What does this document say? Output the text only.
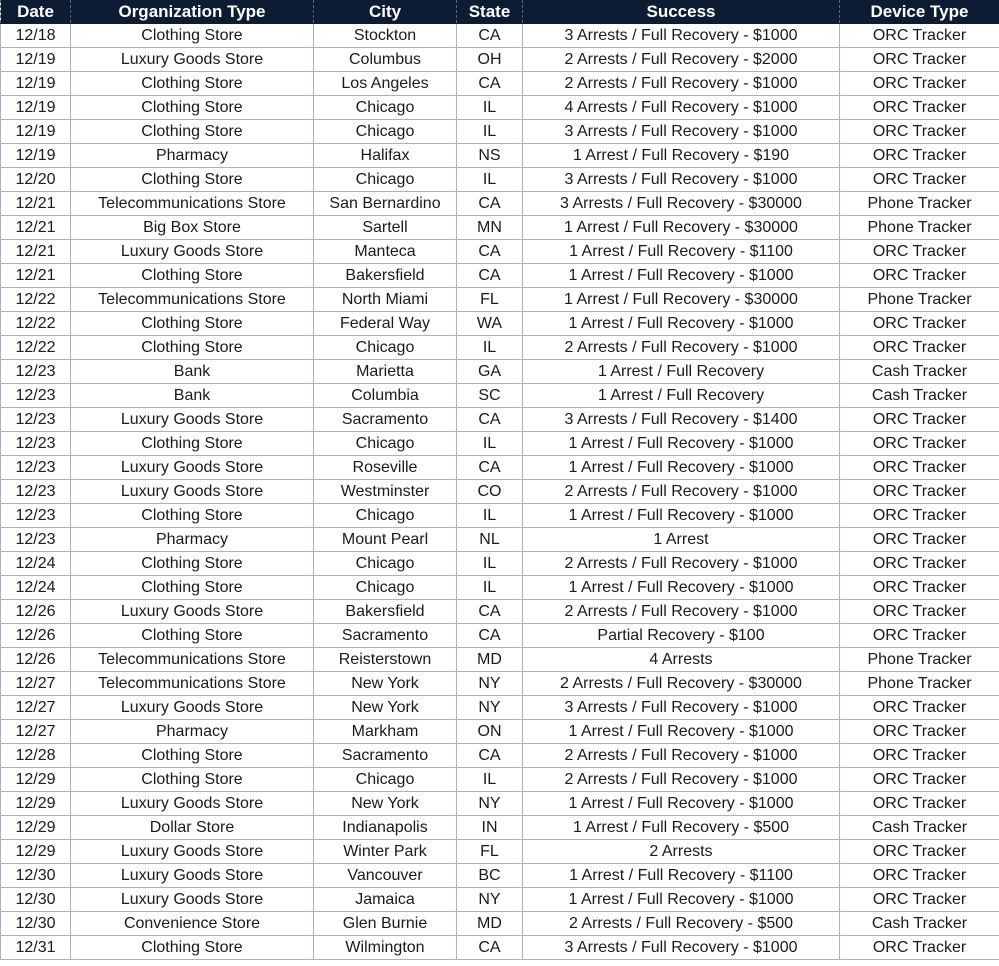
Date	Organization Type	City	State	Success	Device Type
12/18	Clothing Store	Stockton	CA	3 Arrests / Full Recovery - $1000	ORC Tracker
12/19	Luxury Goods Store	Columbus	OH	2 Arrests / Full Recovery - $2000	ORC Tracker
12/19	Clothing Store	Los Angeles	CA	2 Arrests / Full Recovery - $1000	ORC Tracker
12/19	Clothing Store	Chicago	IL	4 Arrests / Full Recovery - $1000	ORC Tracker
12/19	Clothing Store	Chicago	IL	3 Arrests / Full Recovery - $1000	ORC Tracker
12/19	Pharmacy	Halifax	NS	1 Arrest / Full Recovery - $190	ORC Tracker
12/20	Clothing Store	Chicago	IL	3 Arrests / Full Recovery - $1000	ORC Tracker
12/21	Telecommunications Store	San Bernardino	CA	3 Arrests / Full Recovery - $30000	Phone Tracker
12/21	Big Box Store	Sartell	MN	1 Arrest / Full Recovery - $30000	Phone Tracker
12/21	Luxury Goods Store	Manteca	CA	1 Arrest / Full Recovery - $1100	ORC Tracker
12/21	Clothing Store	Bakersfield	CA	1 Arrest / Full Recovery - $1000	ORC Tracker
12/22	Telecommunications Store	North Miami	FL	1 Arrest / Full Recovery - $30000	Phone Tracker
12/22	Clothing Store	Federal Way	WA	1 Arrest / Full Recovery - $1000	ORC Tracker
12/22	Clothing Store	Chicago	IL	2 Arrests / Full Recovery - $1000	ORC Tracker
12/23	Bank	Marietta	GA	1 Arrest / Full Recovery	Cash Tracker
12/23	Bank	Columbia	SC	1 Arrest / Full Recovery	Cash Tracker
12/23	Luxury Goods Store	Sacramento	CA	3 Arrests / Full Recovery - $1400	ORC Tracker
12/23	Clothing Store	Chicago	IL	1 Arrest / Full Recovery - $1000	ORC Tracker
12/23	Luxury Goods Store	Roseville	CA	1 Arrest / Full Recovery - $1000	ORC Tracker
12/23	Luxury Goods Store	Westminster	CO	2 Arrests / Full Recovery - $1000	ORC Tracker
12/23	Clothing Store	Chicago	IL	1 Arrest / Full Recovery - $1000	ORC Tracker
12/23	Pharmacy	Mount Pearl	NL	1 Arrest	ORC Tracker
12/24	Clothing Store	Chicago	IL	2 Arrests / Full Recovery - $1000	ORC Tracker
12/24	Clothing Store	Chicago	IL	1 Arrest / Full Recovery - $1000	ORC Tracker
12/26	Luxury Goods Store	Bakersfield	CA	2 Arrests / Full Recovery - $1000	ORC Tracker
12/26	Clothing Store	Sacramento	CA	Partial Recovery - $100	ORC Tracker
12/26	Telecommunications Store	Reisterstown	MD	4 Arrests	Phone Tracker
12/27	Telecommunications Store	New York	NY	2 Arrests / Full Recovery - $30000	Phone Tracker
12/27	Luxury Goods Store	New York	NY	3 Arrests / Full Recovery - $1000	ORC Tracker
12/27	Pharmacy	Markham	ON	1 Arrest / Full Recovery - $1000	ORC Tracker
12/28	Clothing Store	Sacramento	CA	2 Arrests / Full Recovery - $1000	ORC Tracker
12/29	Clothing Store	Chicago	IL	2 Arrests / Full Recovery - $1000	ORC Tracker
12/29	Luxury Goods Store	New York	NY	1 Arrest / Full Recovery - $1000	ORC Tracker
12/29	Dollar Store	Indianapolis	IN	1 Arrest / Full Recovery - $500	Cash Tracker
12/29	Luxury Goods Store	Winter Park	FL	2 Arrests	ORC Tracker
12/30	Luxury Goods Store	Vancouver	BC	1 Arrest / Full Recovery - $1100	ORC Tracker
12/30	Luxury Goods Store	Jamaica	NY	1 Arrest / Full Recovery - $1000	ORC Tracker
12/30	Convenience Store	Glen Burnie	MD	2 Arrests / Full Recovery - $500	Cash Tracker
12/31	Clothing Store	Wilmington	CA	3 Arrests / Full Recovery - $1000	ORC Tracker
